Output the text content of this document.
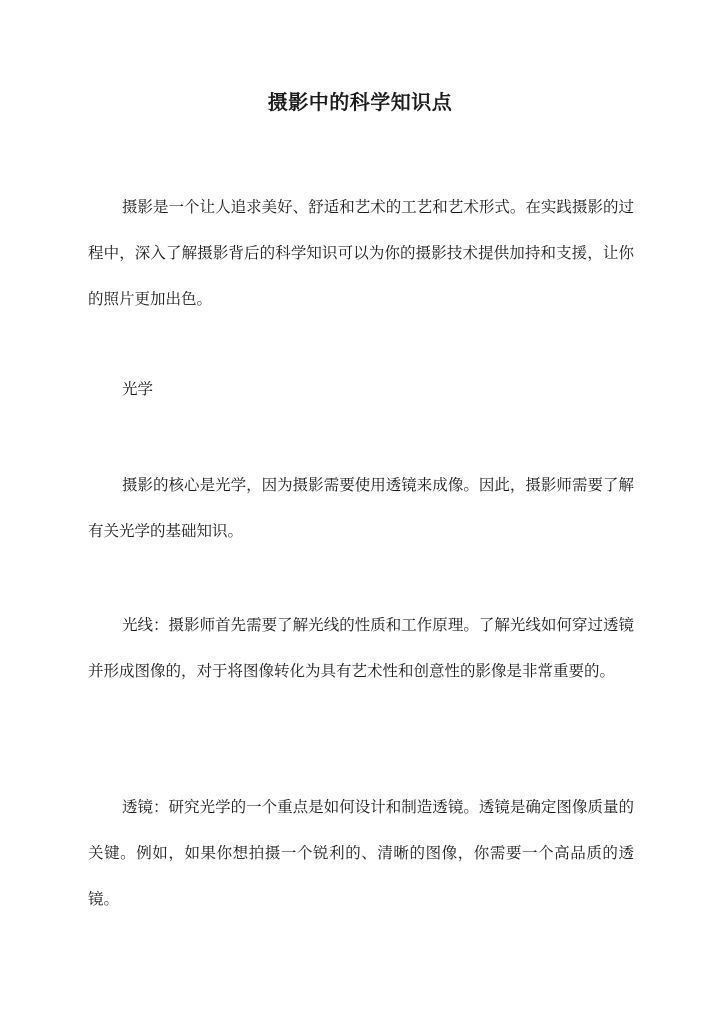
摄影中的科学知识点

摄影是一个让人追求美好、舒适和艺术的工艺和艺术形式。在实践摄影的过程中，深入了解摄影背后的科学知识可以为你的摄影技术提供加持和支援，让你的照片更加出色。

光学

摄影的核心是光学，因为摄影需要使用透镜来成像。因此，摄影师需要了解有关光学的基础知识。

光线：摄影师首先需要了解光线的性质和工作原理。了解光线如何穿过透镜并形成图像的，对于将图像转化为具有艺术性和创意性的影像是非常重要的。

透镜：研究光学的一个重点是如何设计和制造透镜。透镜是确定图像质量的关键。例如，如果你想拍摄一个锐利的、清晰的图像，你需要一个高品质的透镜。
